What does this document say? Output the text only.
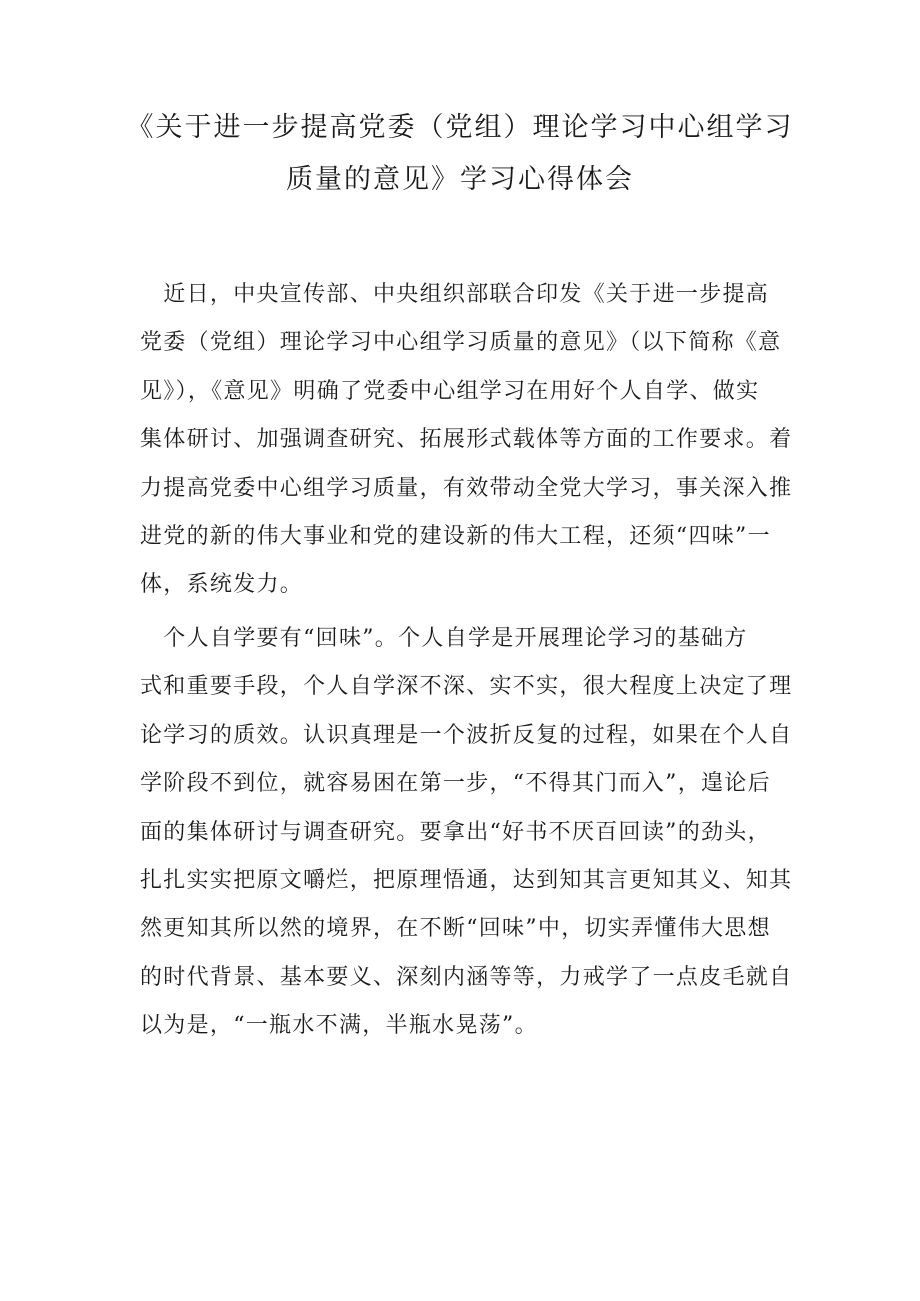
《关于进一步提高党委（党组）理论学习中心组学习
质量的意见》学习心得体会
　近日，中央宣传部、中央组织部联合印发《关于进一步提高
党委（党组）理论学习中心组学习质量的意见》（以下简称《意
见》），《意见》明确了党委中心组学习在用好个人自学、做实
集体研讨、加强调查研究、拓展形式载体等方面的工作要求。着
力提高党委中心组学习质量，有效带动全党大学习，事关深入推
进党的新的伟大事业和党的建设新的伟大工程，还须“四味”一
体，系统发力。
　个人自学要有“回味”。个人自学是开展理论学习的基础方
式和重要手段，个人自学深不深、实不实，很大程度上决定了理
论学习的质效。认识真理是一个波折反复的过程，如果在个人自
学阶段不到位，就容易困在第一步，“不得其门而入”，遑论后
面的集体研讨与调查研究。要拿出“好书不厌百回读”的劲头，
扎扎实实把原文嚼烂，把原理悟通，达到知其言更知其义、知其
然更知其所以然的境界，在不断“回味”中，切实弄懂伟大思想
的时代背景、基本要义、深刻内涵等等，力戒学了一点皮毛就自
以为是，“一瓶水不满，半瓶水晃荡”。
